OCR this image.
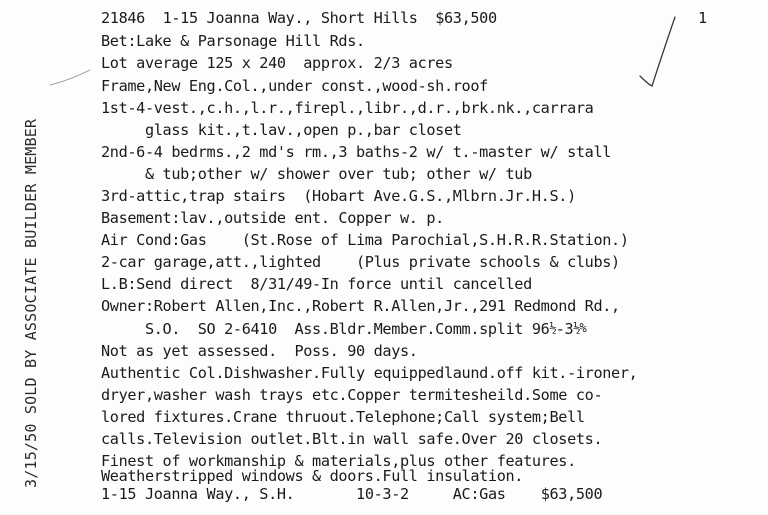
3/15/50 SOLD BY ASSOCIATE BUILDER MEMBER
21846 1-15 Joanna Way., Short Hills $63,500	1
Bet:Lake & Parsonage Hill Rds.
Lot average 125 x 240  approx. 2/3 acres
Frame,New Eng.Col.,under const.,wood-sh.roof
1st-4-vest.,c.h.,l.r.,firepl.,libr.,d.r.,brk.nk.,carrara
glass kit.,t.lav.,open p.,bar closet
2nd-6-4 bedrms.,2 md's rm.,3 baths-2 w/ t.-master w/ stall
& tub;other w/ shower over tub; other w/ tub
3rd-attic,trap stairs  (Hobart Ave.G.S.,Mlbrn.Jr.H.S.)
Basement:lav.,outside ent. Copper w. p.
Air Cond:Gas    (St.Rose of Lima Parochial,S.H.R.R.Station.)
2-car garage,att.,lighted    (Plus private schools & clubs)
L.B:Send direct  8/31/49-In force until cancelled
Owner:Robert Allen,Inc.,Robert R.Allen,Jr.,291 Redmond Rd.,
S.O.  SO 2-6410  Ass.Bldr.Member.Comm.split 96½-3½%
Not as yet assessed.  Poss. 90 days.
Authentic Col.Dishwasher.Fully equippedlaund.off kit.-ironer,
dryer,washer wash trays etc.Copper termiteshei̇ld.Some co-
lored fixtures.Crane thruout.Telephone;Call system;Bell
calls.Television outlet.Blt.in wall safe.Over 20 closets.
Finest of workmanship & materials,plus other features.
Weatherstripped windows & doors.Full insulation.
1-15 Joanna Way., S.H.	10-3-2	AC:Gas $63,500
